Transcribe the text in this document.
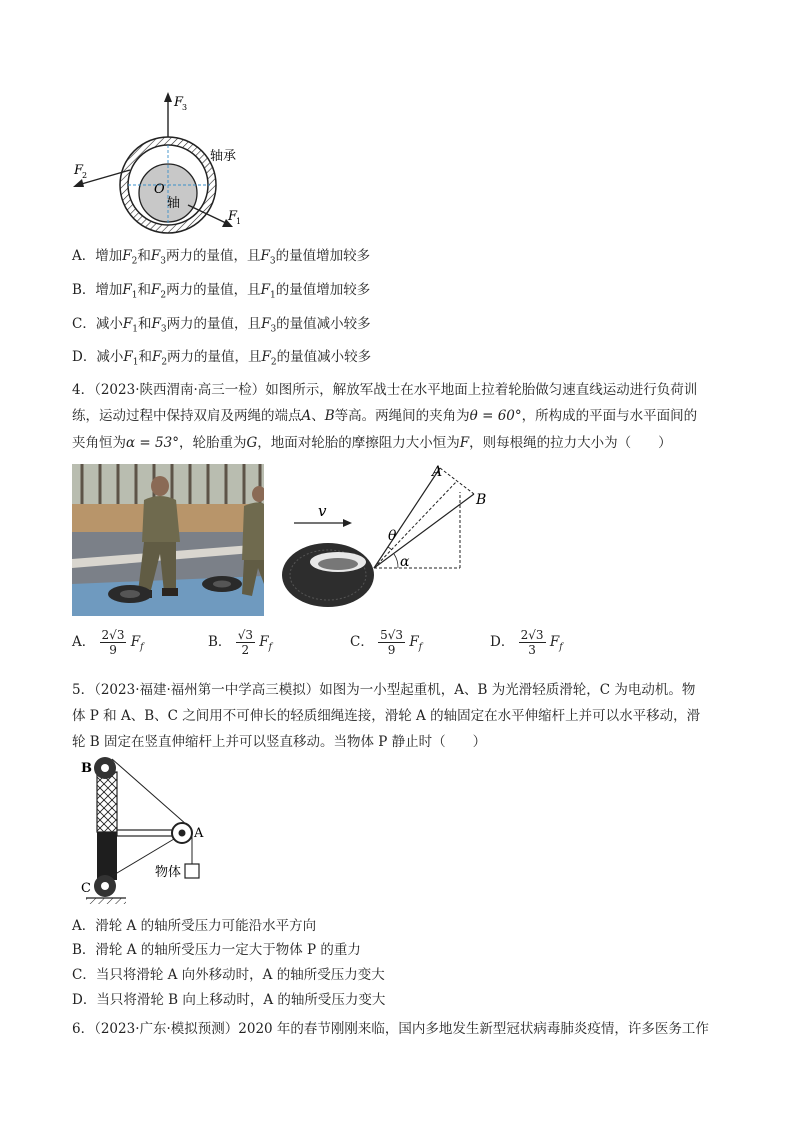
F
3
F
2
F
1
O
轴承
轴
A．增加$F_2$和$F_3$两力的量值，且$F_3$的量值增加较多
B．增加$F_1$和$F_2$两力的量值，且$F_1$的量值增加较多
C．减小$F_1$和$F_3$两力的量值，且$F_3$的量值减小较多
D．减小$F_1$和$F_2$两力的量值，且$F_2$的量值减小较多
4．（2023·陕西渭南·高三一检）如图所示，解放军战士在水平地面上拉着轮胎做匀速直线运动进行负荷训
练，运动过程中保持双肩及两绳的端点A、B等高。两绳间的夹角为θ = 60°，所构成的平面与水平面间的
夹角恒为α = 53°，轮胎重为G，地面对轮胎的摩擦阻力大小恒为F，则每根绳的拉力大小为（　　）
v
A
B
θ
α
A． $\frac{2√3}{9} F_f$	B． $\frac{√3}{2} F_f$	C． $\frac{5√3}{9} F_f$	D． $\frac{2√3}{3} F_f$
5．（2023·福建·福州第一中学高三模拟）如图为一小型起重机，A、B 为光滑轻质滑轮，C 为电动机。物
体 P 和 A、B、C 之间用不可伸长的轻质细绳连接，滑轮 A 的轴固定在水平伸缩杆上并可以水平移动，滑
轮 B 固定在竖直伸缩杆上并可以竖直移动。当物体 P 静止时（　　）
B
A
C
物体
A．滑轮 A 的轴所受压力可能沿水平方向
B．滑轮 A 的轴所受压力一定大于物体 P 的重力
C．当只将滑轮 A 向外移动时，A 的轴所受压力变大
D．当只将滑轮 B 向上移动时，A 的轴所受压力变大
6．（2023·广东·模拟预测）2020 年的春节刚刚来临，国内多地发生新型冠状病毒肺炎疫情，许多医务工作
